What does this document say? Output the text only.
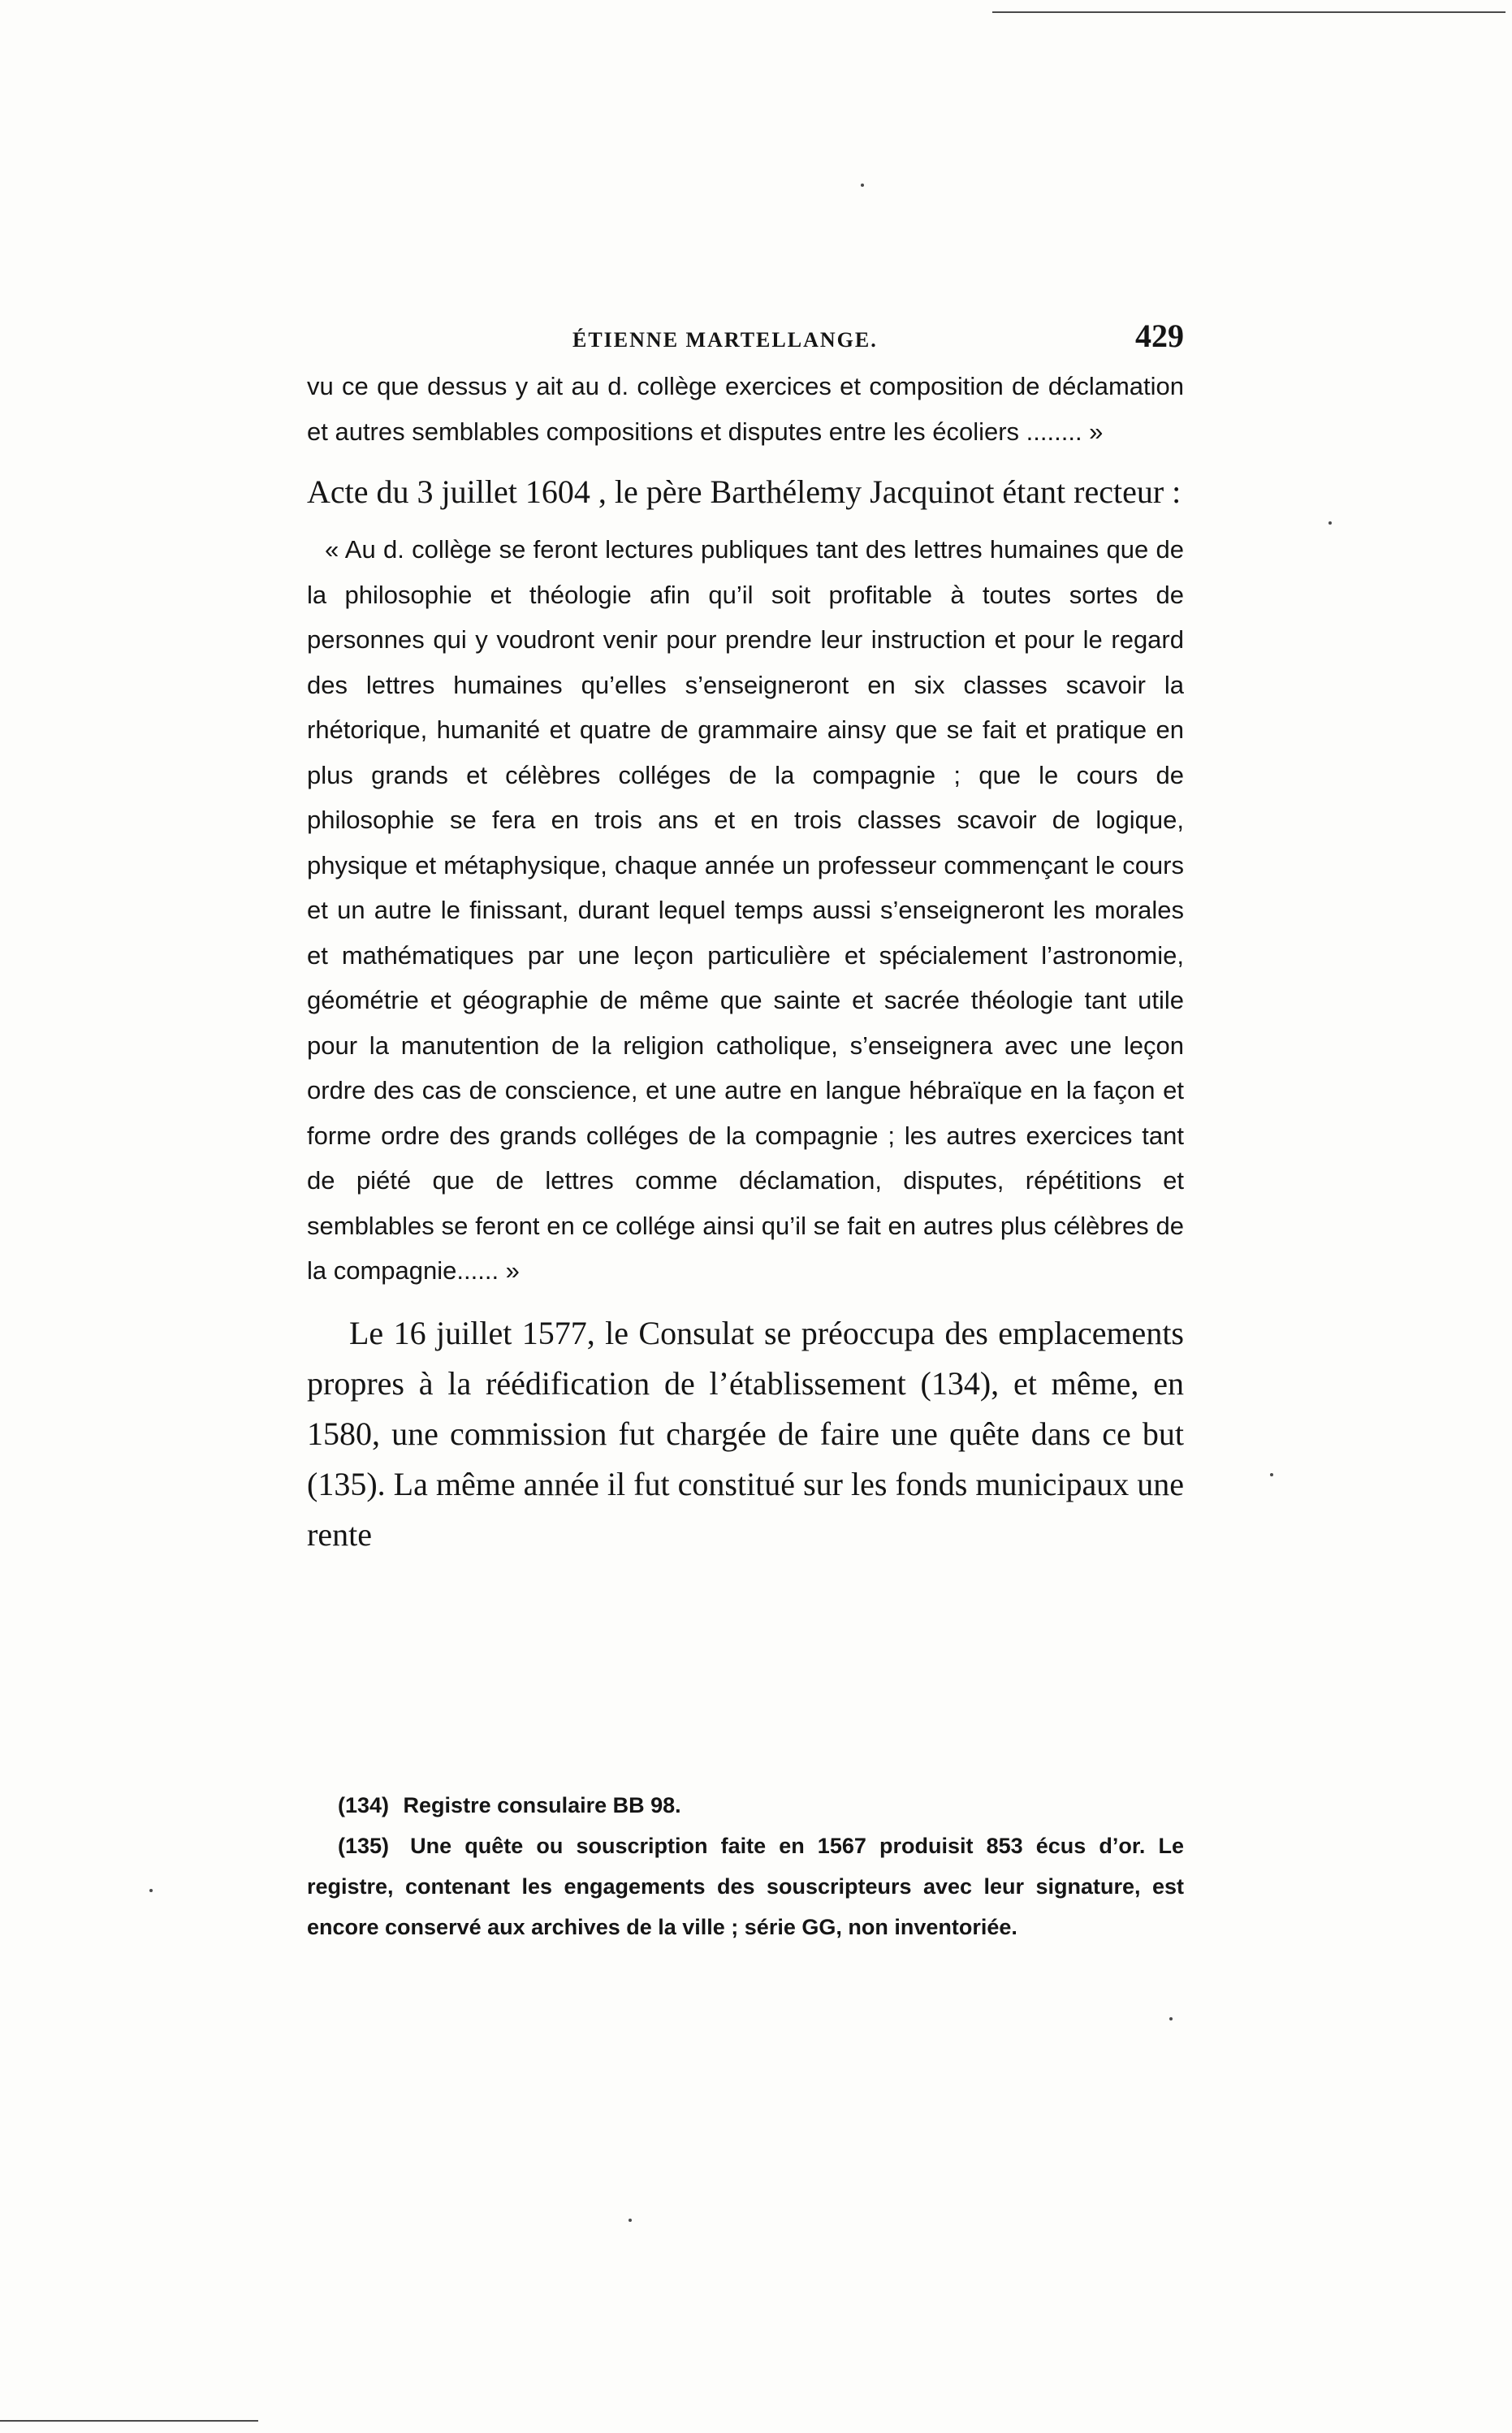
ÉTIENNE MARTELLANGE.	429

vu ce que dessus y ait au d. collège exercices et composition de déclamation et autres semblables compositions et disputes entre les écoliers ........ »

Acte du 3 juillet 1604 , le père Barthélemy Jacquinot étant recteur :

« Au d. collège se feront lectures publiques tant des lettres humaines que de la philosophie et théologie afin qu’il soit profitable à toutes sortes de personnes qui y voudront venir pour prendre leur instruction et pour le regard des lettres humaines qu’elles s’enseigneront en six classes scavoir la rhétorique, humanité et quatre de grammaire ainsy que se fait et pratique en plus grands et célèbres colléges de la compagnie ; que le cours de philosophie se fera en trois ans et en trois classes scavoir de logique, physique et métaphysique, chaque année un professeur commençant le cours et un autre le finissant, durant lequel temps aussi s’enseigneront les morales et mathématiques par une leçon particulière et spécialement l’astronomie, géométrie et géographie de même que sainte et sacrée théologie tant utile pour la manutention de la religion catholique, s’enseignera avec une leçon ordre des cas de conscience, et une autre en langue hébraïque en la façon et forme ordre des grands colléges de la compagnie ; les autres exercices tant de piété que de lettres comme déclamation, disputes, répétitions et semblables se feront en ce collége ainsi qu’il se fait en autres plus célèbres de la compagnie...... »

Le 16 juillet 1577, le Consulat se préoccupa des emplacements propres à la réédification de l’établissement (134), et même, en 1580, une commission fut chargée de faire une quête dans ce but (135). La même année il fut constitué sur les fonds municipaux une rente

(134) Registre consulaire BB 98.

(135) Une quête ou souscription faite en 1567 produisit 853 écus d’or. Le registre, contenant les engagements des souscripteurs avec leur signature, est encore conservé aux archives de la ville ; série GG, non inventoriée.
